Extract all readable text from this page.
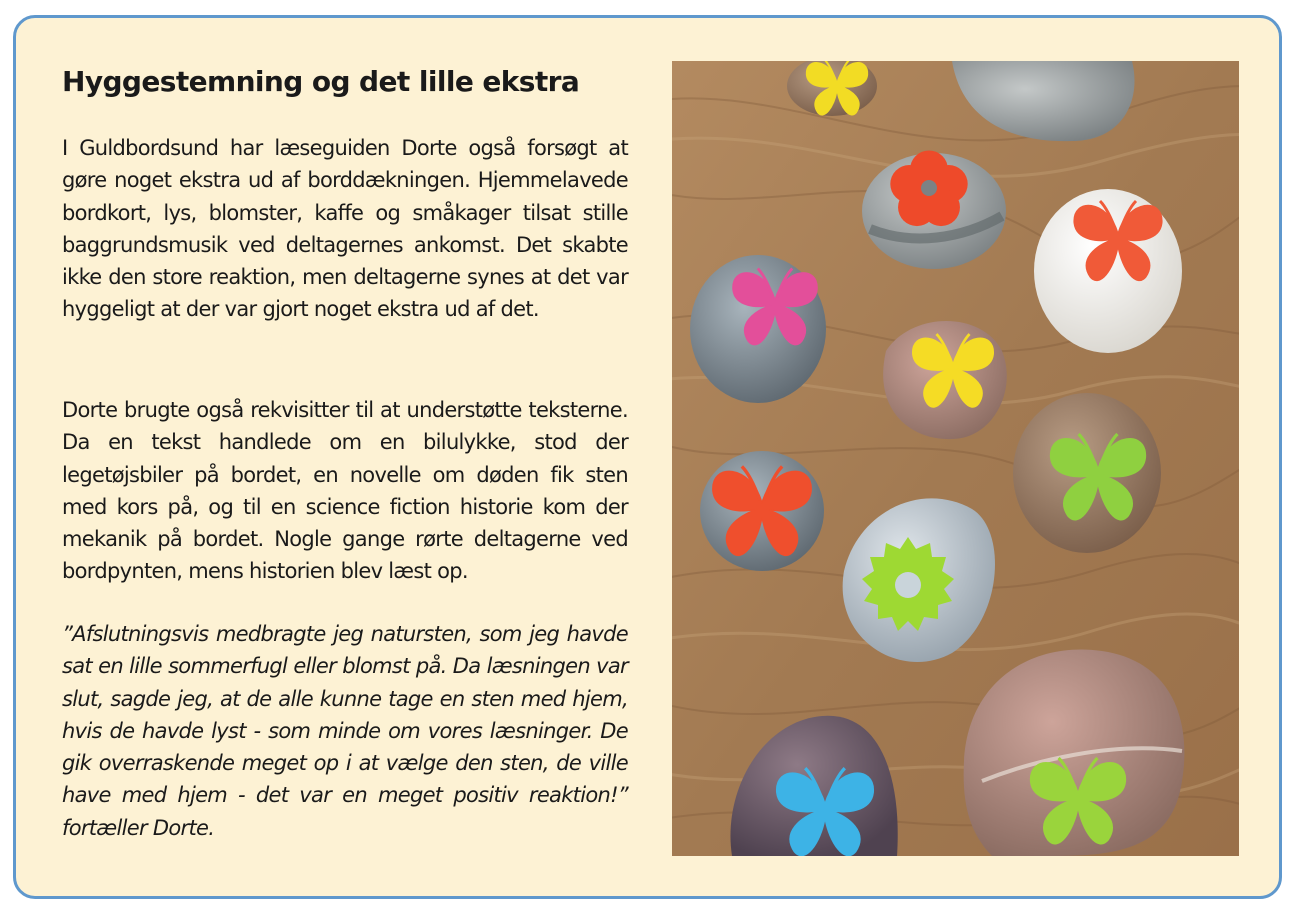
Hyggestemning og det lille ekstra

I Guldbordsund har læseguiden Dorte også forsøgt at gøre noget ekstra ud af borddækningen. Hjemmelavede bordkort, lys, blomster, kaffe og småkager tilsat stille baggrundsmusik ved deltagernes ankomst. Det skabte ikke den store reaktion, men deltagerne synes at det var hyggeligt at der var gjort noget ekstra ud af det.

Dorte brugte også rekvisitter til at understøtte teksterne. Da en tekst handlede om en bilulykke, stod der legetøjsbiler på bordet, en novelle om døden fik sten med kors på, og til en science fiction historie kom der mekanik på bordet. Nogle gange rørte deltagerne ved bordpynten, mens historien blev læst op.

”Afslutningsvis medbragte jeg natursten, som jeg havde sat en lille sommerfugl eller blomst på. Da læsningen var slut, sagde jeg, at de alle kunne tage en sten med hjem, hvis de havde lyst - som minde om vores læsninger. De gik overraskende meget op i at vælge den sten, de ville have med hjem - det var en meget positiv reaktion!” fortæller Dorte.
